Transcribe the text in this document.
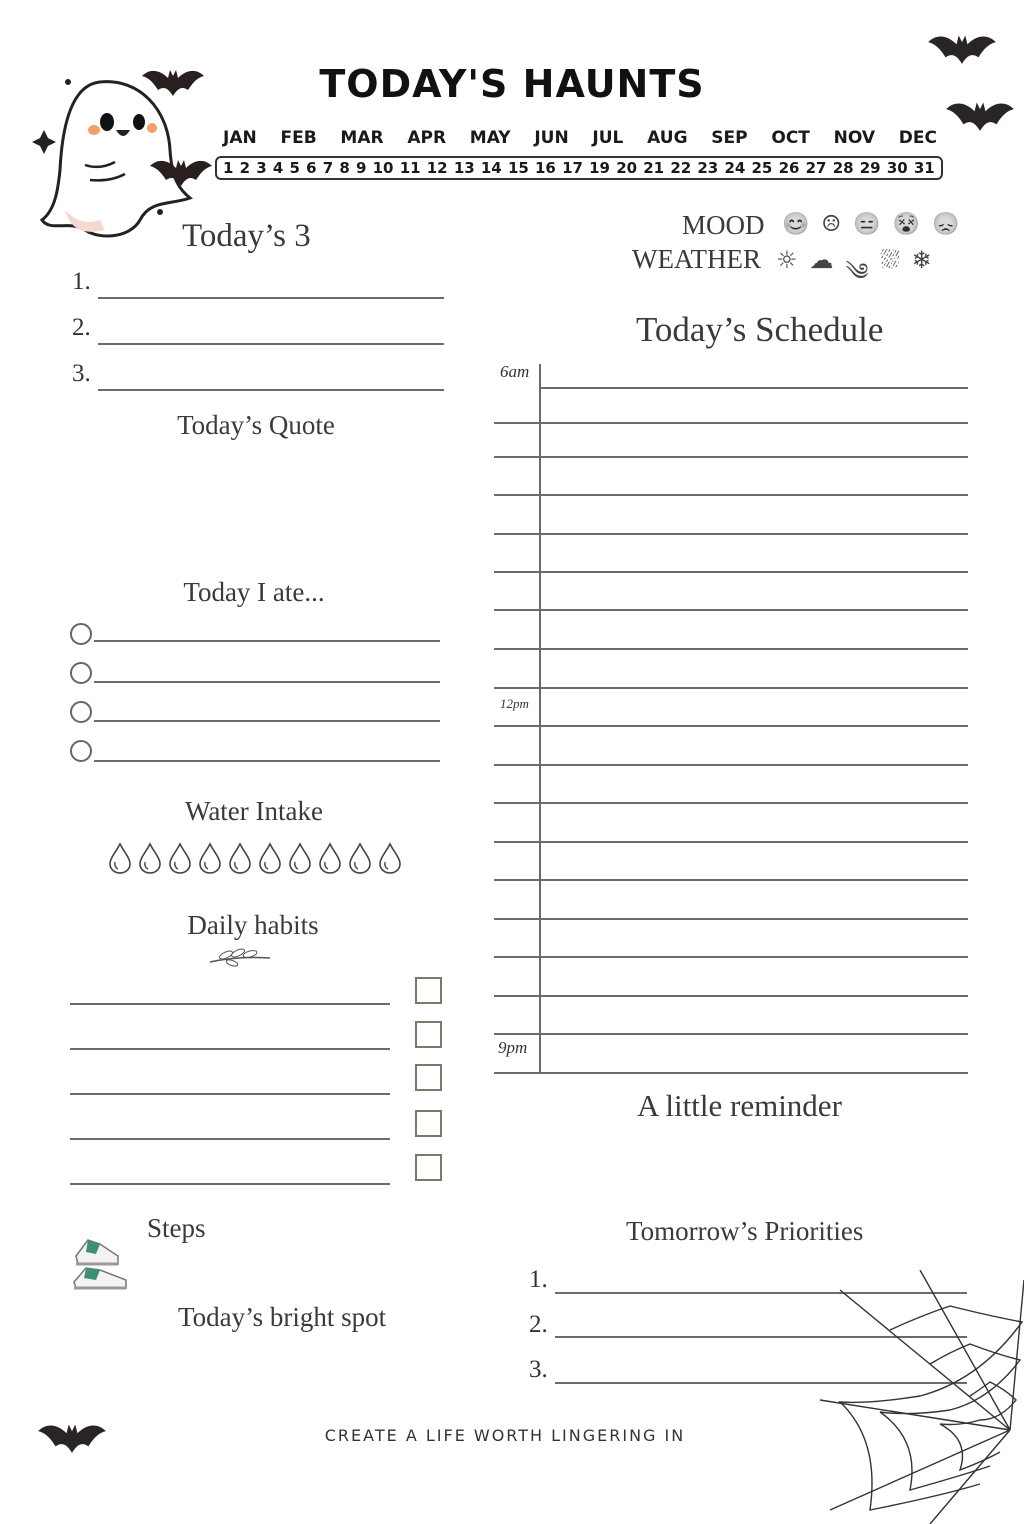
TODAY'S HAUNTS
JAN FEB MAR APR MAY JUN JUL AUG SEP OCT NOV DEC
1 2 3 4 5 6 7 8 9 10 11 12 13 14 15 16 17 19 20 21 22 23 24 25 26 27 28 29 30 31
Today’s 3
1.
2.
3.
Today’s Quote
Today I ate...
Water Intake
Daily habits
Steps
Today’s bright spot
MOOD 😊 ☹ 😑 😵 😞
WEATHER ☼ ☁ ༄ ⛆ ❄
Today’s Schedule
6am
12pm
9pm
A little reminder
Tomorrow’s Priorities
1.
2.
3.
CREATE A LIFE WORTH LINGERING IN
